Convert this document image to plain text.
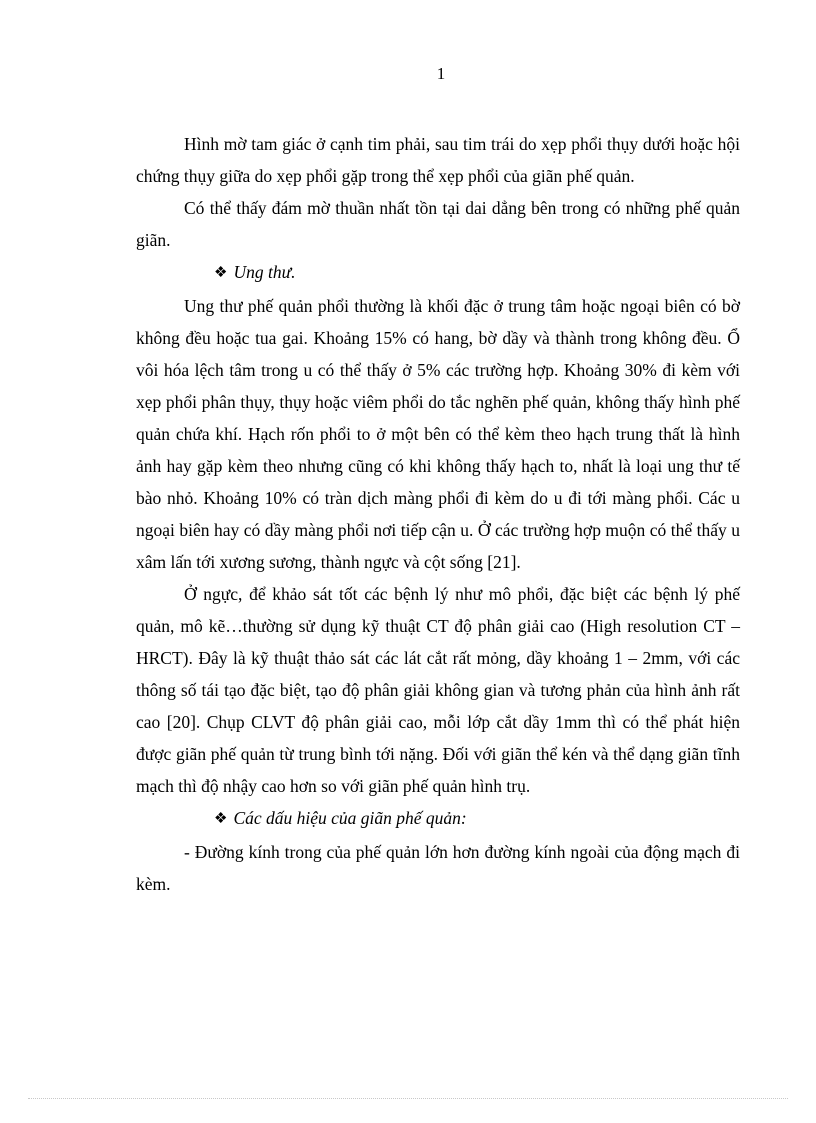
1

Hình mờ tam giác ở cạnh tim phải, sau tim trái do xẹp phổi thụy dưới hoặc hội chứng thụy giữa do xẹp phổi gặp trong thể xẹp phổi của giãn phế quản.

Có thể thấy đám mờ thuần nhất tồn tại dai dẳng bên trong có những phế quản giãn.

❖ Ung thư.

Ung thư phế quản phổi thường là khối đặc ở trung tâm hoặc ngoại biên có bờ không đều hoặc tua gai. Khoảng 15% có hang, bờ dầy và thành trong không đều. Ổ vôi hóa lệch tâm trong u có thể thấy ở 5% các trường hợp. Khoảng 30% đi kèm với xẹp phổi phân thụy, thụy hoặc viêm phổi do tắc nghẽn phế quản, không thấy hình phế quản chứa khí. Hạch rốn phổi to ở một bên có thể kèm theo hạch trung thất là hình ảnh hay gặp kèm theo nhưng cũng có khi không thấy hạch to, nhất là loại ung thư tế bào nhỏ. Khoảng 10% có tràn dịch màng phổi đi kèm do u đi tới màng phổi. Các u ngoại biên hay có dầy màng phổi nơi tiếp cận u. Ở các trường hợp muộn có thể thấy u xâm lấn tới xương sương, thành ngực và cột sống [21].

Ở ngực, để khảo sát tốt các bệnh lý như mô phổi, đặc biệt các bệnh lý phế quản, mô kẽ…thường sử dụng kỹ thuật CT độ phân giải cao (High resolution CT – HRCT). Đây là kỹ thuật thảo sát các lát cắt rất mỏng, dầy khoảng 1 – 2mm, với các thông số tái tạo đặc biệt, tạo độ phân giải không gian và tương phản của hình ảnh rất cao [20]. Chụp CLVT độ phân giải cao, mỗi lớp cắt dầy 1mm thì có thể phát hiện được giãn phế quản từ trung bình tới nặng. Đối với giãn thể kén và thể dạng giãn tĩnh mạch thì độ nhậy cao hơn so với giãn phế quản hình trụ.

❖ Các dấu hiệu của giãn phế quản:

- Đường kính trong của phế quản lớn hơn đường kính ngoài của động mạch đi kèm.
